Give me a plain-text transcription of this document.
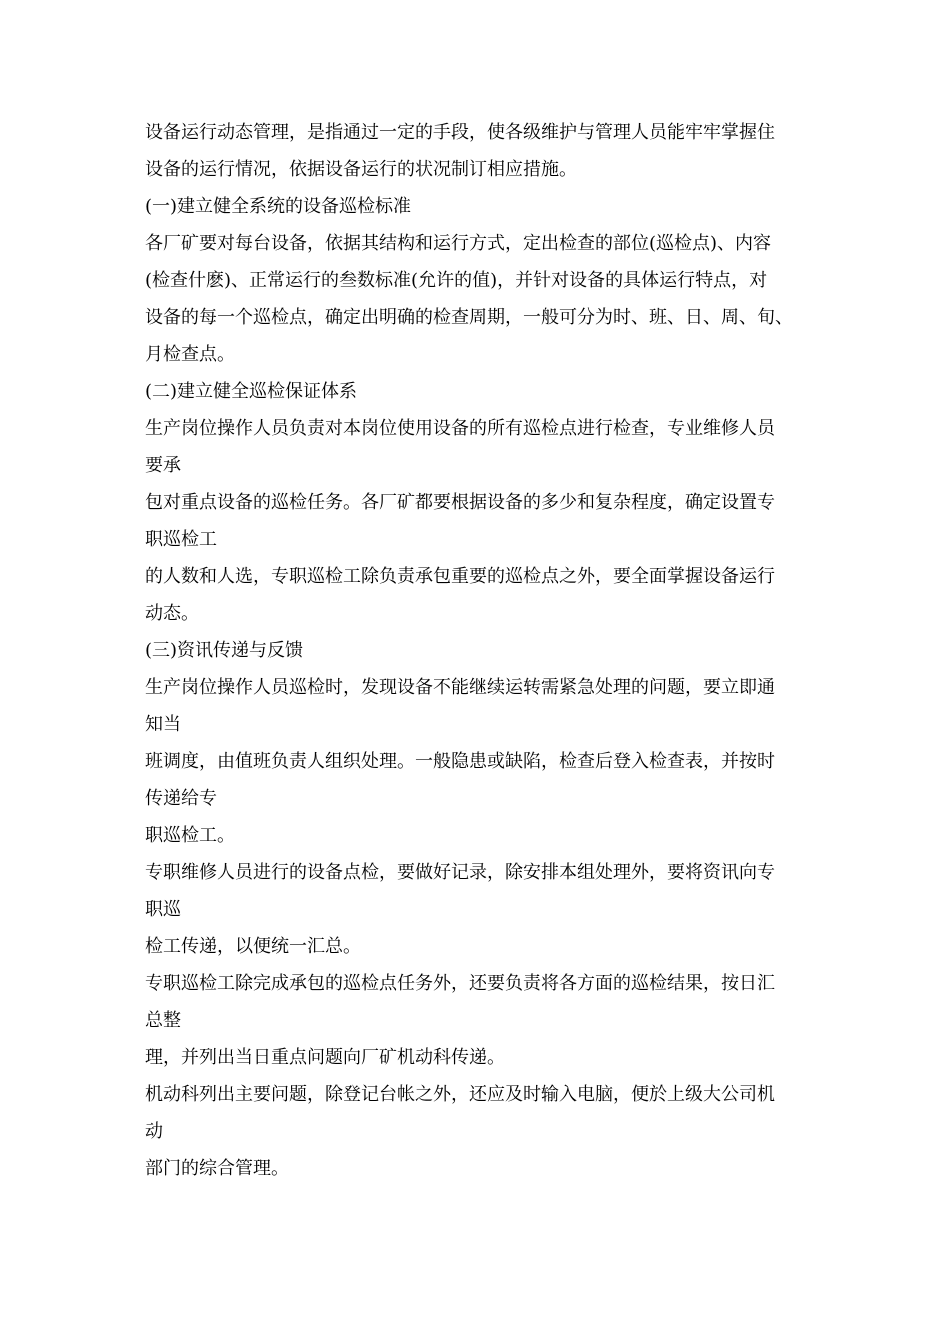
设备运行动态管理，是指通过一定的手段，使各级维护与管理人员能牢牢掌握住
设备的运行情况，依据设备运行的状况制订相应措施。
(一)建立健全系统的设备巡检标准
各厂矿要对每台设备，依据其结构和运行方式，定出检查的部位(巡检点)、内容
(检查什麽)、正常运行的叁数标准(允许的值)，并针对设备的具体运行特点，对
设备的每一个巡检点，确定出明确的检查周期，一般可分为时、班、日、周、旬、
月检查点。
(二)建立健全巡检保证体系
生产岗位操作人员负责对本岗位使用设备的所有巡检点进行检查，专业维修人员
要承
包对重点设备的巡检任务。各厂矿都要根据设备的多少和复杂程度，确定设置专
职巡检工
的人数和人选，专职巡检工除负责承包重要的巡检点之外，要全面掌握设备运行
动态。
(三)资讯传递与反馈
生产岗位操作人员巡检时，发现设备不能继续运转需紧急处理的问题，要立即通
知当
班调度，由值班负责人组织处理。一般隐患或缺陷，检查后登入检查表，并按时
传递给专
职巡检工。
专职维修人员进行的设备点检，要做好记录，除安排本组处理外，要将资讯向专
职巡
检工传递，以便统一汇总。
专职巡检工除完成承包的巡检点任务外，还要负责将各方面的巡检结果，按日汇
总整
理，并列出当日重点问题向厂矿机动科传递。
机动科列出主要问题，除登记台帐之外，还应及时输入电脑，便於上级大公司机
动
部门的综合管理。
